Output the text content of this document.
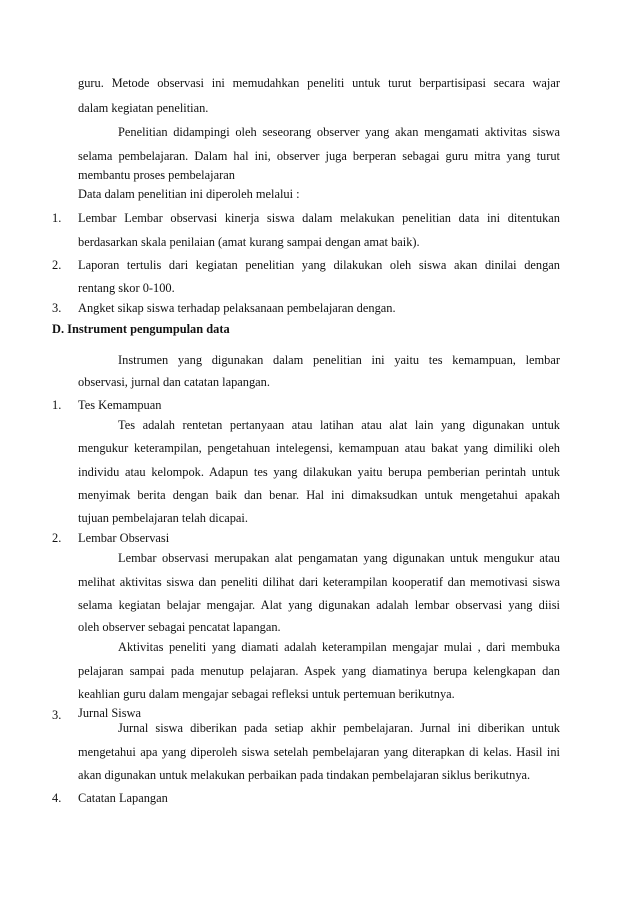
guru. Metode observasi ini memudahkan peneliti untuk turut berpartisipasi secara wajar
dalam kegiatan penelitian.
Penelitian didampingi oleh seseorang observer yang akan mengamati aktivitas siswa
selama pembelajaran. Dalam hal ini, observer juga berperan sebagai guru mitra yang turut
membantu proses pembelajaran
Data dalam penelitian ini diperoleh melalui :
1. Lembar Lembar observasi kinerja siswa dalam melakukan penelitian data ini ditentukan
berdasarkan skala penilaian (amat kurang sampai dengan amat baik).
2. Laporan tertulis dari kegiatan penelitian yang dilakukan oleh siswa akan dinilai dengan
rentang skor 0-100.
3. Angket sikap siswa terhadap pelaksanaan pembelajaran dengan.
D. Instrument pengumpulan data
Instrumen yang digunakan dalam penelitian ini yaitu tes kemampuan, lembar
observasi, jurnal dan catatan lapangan.
1. Tes Kemampuan
Tes adalah rentetan pertanyaan atau latihan atau alat lain yang digunakan untuk
mengukur keterampilan, pengetahuan intelegensi, kemampuan atau bakat yang dimiliki oleh
individu atau kelompok. Adapun tes yang dilakukan yaitu berupa pemberian perintah untuk
menyimak berita dengan baik dan benar. Hal ini dimaksudkan untuk mengetahui apakah
tujuan pembelajaran telah dicapai.
2. Lembar Observasi
Lembar observasi merupakan alat pengamatan yang digunakan untuk mengukur atau
melihat aktivitas siswa dan peneliti dilihat dari keterampilan kooperatif dan memotivasi siswa
selama kegiatan belajar mengajar. Alat yang digunakan adalah lembar observasi yang diisi
oleh observer sebagai pencatat lapangan.
Aktivitas peneliti yang diamati adalah keterampilan mengajar mulai , dari membuka
pelajaran sampai pada menutup pelajaran. Aspek yang diamatinya berupa kelengkapan dan
keahlian guru dalam mengajar sebagai refleksi untuk pertemuan berikutnya.
3. Jurnal Siswa
Jurnal siswa diberikan pada setiap akhir pembelajaran. Jurnal ini diberikan untuk
mengetahui apa yang diperoleh siswa setelah pembelajaran yang diterapkan di kelas. Hasil ini
akan digunakan untuk melakukan perbaikan pada tindakan pembelajaran siklus berikutnya.
4. Catatan Lapangan
